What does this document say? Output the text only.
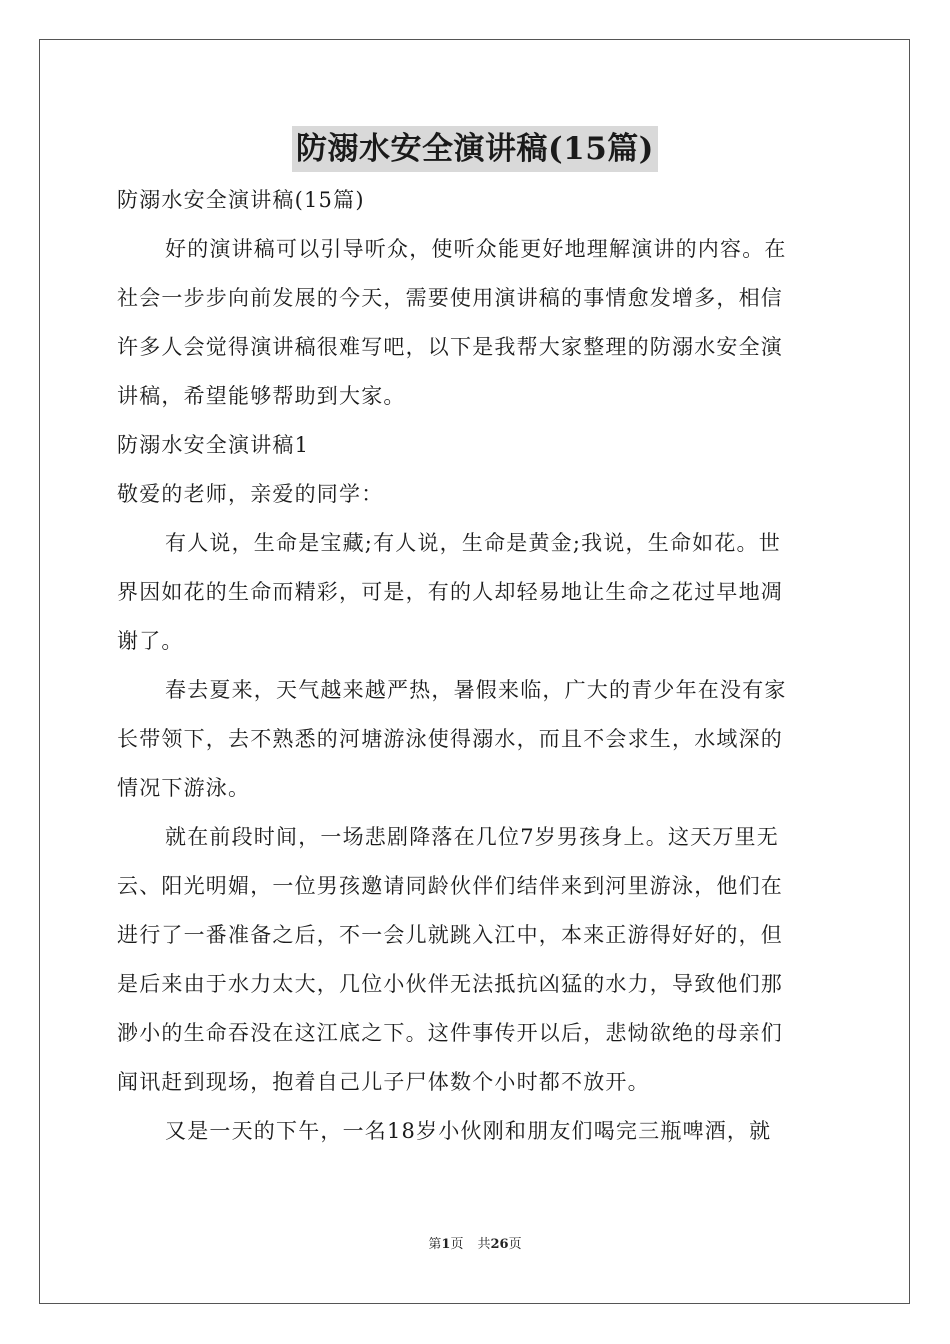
防溺水安全演讲稿(15篇)
防溺水安全演讲稿(15篇)
好的演讲稿可以引导听众，使听众能更好地理解演讲的内容。在
社会一步步向前发展的今天，需要使用演讲稿的事情愈发增多，相信
许多人会觉得演讲稿很难写吧，以下是我帮大家整理的防溺水安全演
讲稿，希望能够帮助到大家。
防溺水安全演讲稿1
敬爱的老师，亲爱的同学：
有人说，生命是宝藏;有人说，生命是黄金;我说，生命如花。世
界因如花的生命而精彩，可是，有的人却轻易地让生命之花过早地凋
谢了。
春去夏来，天气越来越严热，暑假来临，广大的青少年在没有家
长带领下，去不熟悉的河塘游泳使得溺水，而且不会求生，水域深的
情况下游泳。
就在前段时间，一场悲剧降落在几位7岁男孩身上。这天万里无
云、阳光明媚，一位男孩邀请同龄伙伴们结伴来到河里游泳，他们在
进行了一番准备之后，不一会儿就跳入江中，本来正游得好好的，但
是后来由于水力太大，几位小伙伴无法抵抗凶猛的水力，导致他们那
渺小的生命吞没在这江底之下。这件事传开以后，悲恸欲绝的母亲们
闻讯赶到现场，抱着自己儿子尸体数个小时都不放开。
又是一天的下午，一名18岁小伙刚和朋友们喝完三瓶啤酒，就
第1页 共26页
